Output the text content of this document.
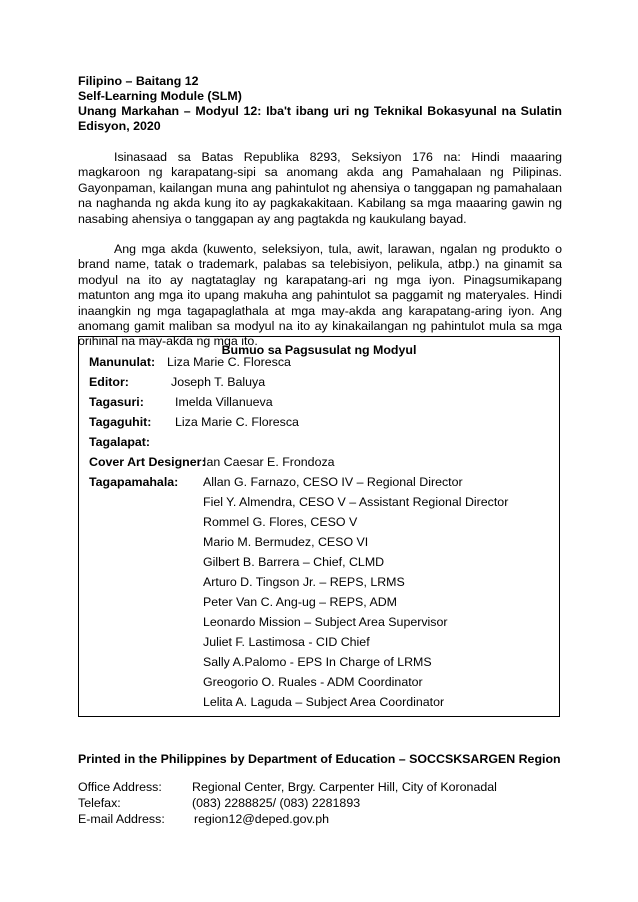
Filipino – Baitang 12

Self-Learning Module (SLM)

Unang Markahan – Modyul 12: Iba't ibang uri ng Teknikal Bokasyunal na Sulatin Edisyon, 2020

Isinasaad sa Batas Republika 8293, Seksiyon 176 na: Hindi maaaring magkaroon ng karapatang-sipi sa anomang akda ang Pamahalaan ng Pilipinas. Gayonpaman, kailangan muna ang pahintulot ng ahensiya o tanggapan ng pamahalaan na naghanda ng akda kung ito ay pagkakakitaan. Kabilang sa mga maaaring gawin ng nasabing ahensiya o tanggapan ay ang pagtakda ng kaukulang bayad.

Ang mga akda (kuwento, seleksiyon, tula, awit, larawan, ngalan ng produkto o brand name, tatak o trademark, palabas sa telebisiyon, pelikula, atbp.) na ginamit sa modyul na ito ay nagtataglay ng karapatang-ari ng mga iyon. Pinagsumikapang matunton ang mga ito upang makuha ang pahintulot sa paggamit ng materyales. Hindi inaangkin ng mga tagapaglathala at mga may-akda ang karapatang-aring iyon. Ang anomang gamit maliban sa modyul na ito ay kinakailangan ng pahintulot mula sa mga orihinal na may-akda ng mga ito.

Bumuo sa Pagsusulat ng Modyul
Manunulat: Liza Marie C. Floresca
Editor:	Joseph T. Baluya
Tagasuri:	Imelda Villanueva
Tagaguhit: Liza Marie C. Floresca
Tagalapat:
Cover Art Designer:
Ian Caesar E. Frondoza
Tagapamahala: Allan G. Farnazo, CESO IV – Regional Director
Fiel Y. Almendra, CESO V – Assistant Regional Director
Rommel G. Flores, CESO V
Mario M. Bermudez, CESO VI
Gilbert B. Barrera – Chief, CLMD
Arturo D. Tingson Jr. – REPS, LRMS
Peter Van C. Ang-ug – REPS, ADM
Leonardo Mission – Subject Area Supervisor
Juliet F. Lastimosa - CID Chief
Sally A.Palomo - EPS In Charge of LRMS
Greogorio O. Ruales - ADM Coordinator
Lelita A. Laguda – Subject Area Coordinator
Printed in the Philippines by Department of Education – SOCCSKSARGEN Region
Office Address: Regional Center, Brgy. Carpenter Hill, City of Koronadal
Telefax:	(083) 2288825/ (083) 2281893
E-mail Address: region12@deped.gov.ph
